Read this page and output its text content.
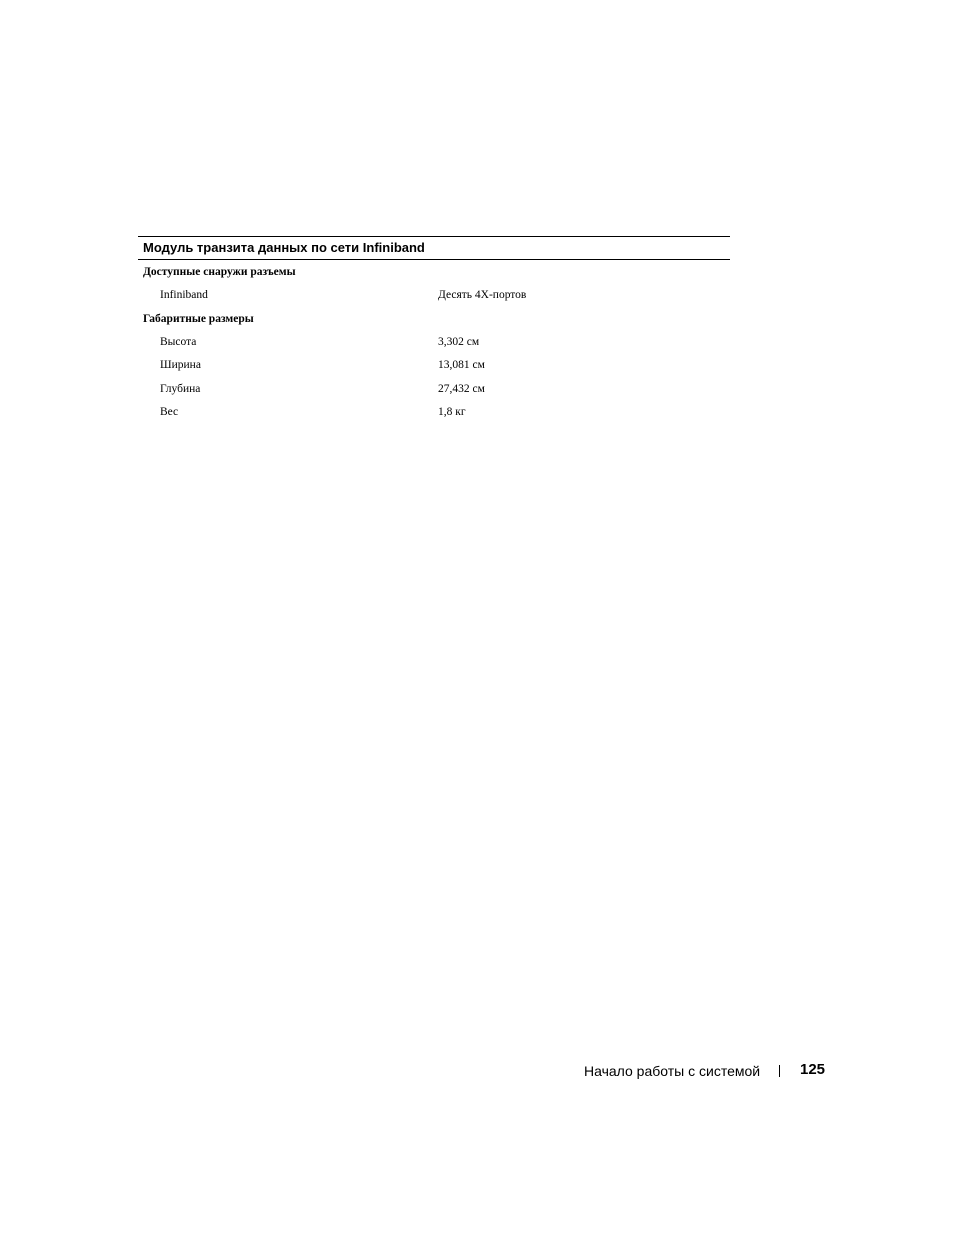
Модуль транзита данных по сети Infiniband
Доступные снаружи разъемы
Infiniband	Десять 4X-портов
Габаритные размеры
Высота	3,302 см
Ширина	13,081 см
Глубина	27,432 см
Вес	1,8 кг
Начало работы с системой	125
